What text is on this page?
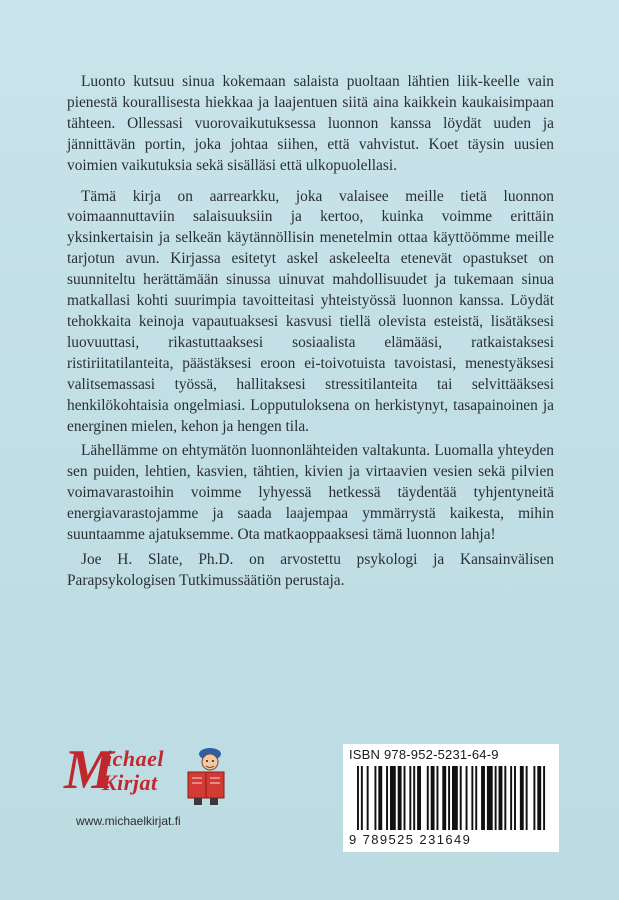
Luonto kutsuu sinua kokemaan salaista puoltaan lähtien liik-keelle vain pienestä kourallisesta hiekkaa ja laajentuen siitä aina kaikkein kaukaisimpaan tähteen. Ollessasi vuorovaikutuksessa luonnon kanssa löydät uuden ja jännittävän portin, joka johtaa siihen, että vahvistut. Koet täysin uusien voimien vaikutuksia sekä sisälläsi että ulkopuolellasi.

Tämä kirja on aarrearkku, joka valaisee meille tietä luonnon voimaannuttaviin salaisuuksiin ja kertoo, kuinka voimme erittäin yksinkertaisin ja selkeän käytännöllisin menetelmin ottaa käyttöömme meille tarjotun avun. Kirjassa esitetyt askel askeleelta etenevät opastukset on suunniteltu herättämään sinussa uinuvat mahdollisuudet ja tukemaan sinua matkallasi kohti suurimpia tavoitteitasi yhteistyössä luonnon kanssa. Löydät tehokkaita keinoja vapautuaksesi kasvusi tiellä olevista esteistä, lisätäksesi luovuuttasi, rikastuttaaksesi sosiaalista elämääsi, ratkaistaksesi ristiriitatilanteita, päästäksesi eroon ei-toivotuista tavoistasi, menestyäksesi valitsemassasi työssä, hallitaksesi stressitilanteita tai selvittääksesi henkilökohtaisia ongelmiasi. Lopputuloksena on herkistynyt, tasapainoinen ja energinen mielen, kehon ja hengen tila.

Lähellämme on ehtymätön luonnonlähteiden valtakunta. Luomalla yhteyden sen puiden, lehtien, kasvien, tähtien, kivien ja virtaavien vesien sekä pilvien voimavarastoihin voimme lyhyessä hetkessä täydentää tyhjentyneitä energiavarastojamme ja saada laajempaa ymmärrystä kaikesta, mihin suuntaamme ajatuksemme. Ota matkaoppaaksesi tämä luonnon lahja!

Joe H. Slate, Ph.D. on arvostettu psykologi ja Kansainvälisen Parapsykologisen Tutkimussäätiön perustaja.

M
ichael
Kirjat
www.michaelkirjat.fi
ISBN 978-952-5231-64-9
9 789525 231649
